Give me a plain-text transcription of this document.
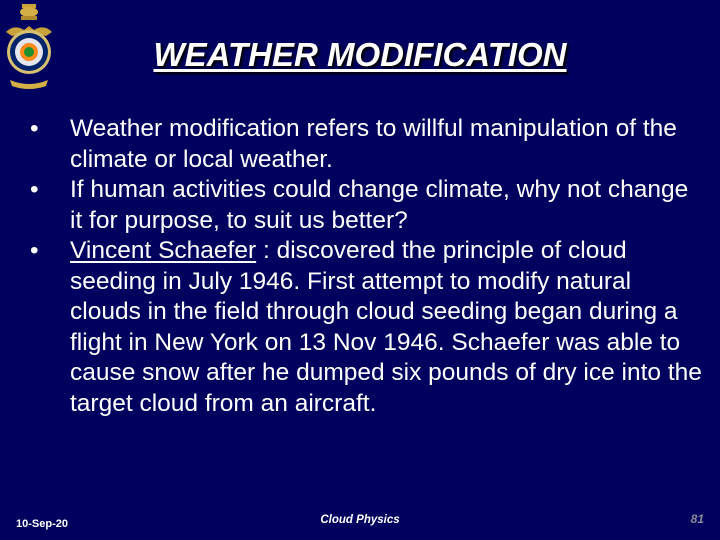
WEATHER MODIFICATION
• Weather modification refers to willful manipulation of the climate or local weather.
• If human activities could change climate, why not change it for purpose, to suit us better?
• Vincent Schaefer : discovered the principle of cloud seeding in July 1946. First attempt to modify natural clouds in the field through cloud seeding began during a flight in New York on 13 Nov 1946. Schaefer was able to cause snow after he dumped six pounds of dry ice into the target cloud from an aircraft.
10-Sep-20	Cloud Physics	81
